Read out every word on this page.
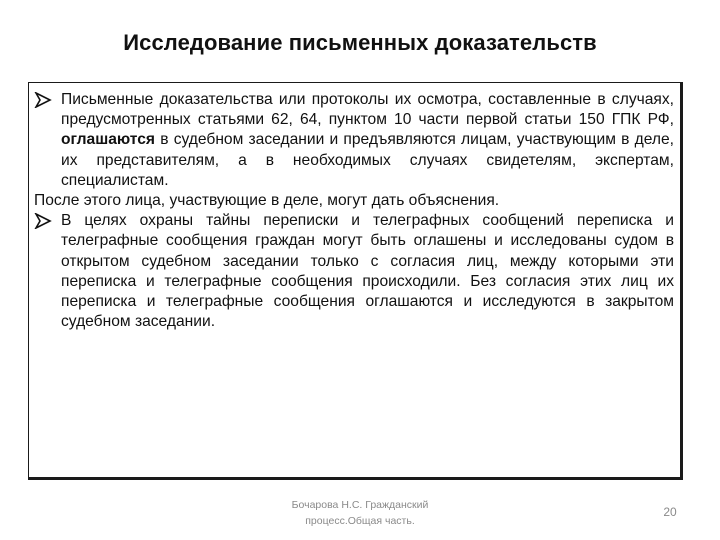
Исследование письменных доказательств

Письменные доказательства или протоколы их осмотра, составленные в случаях, предусмотренных статьями 62, 64, пунктом 10 части первой статьи 150 ГПК РФ, оглашаются в судебном заседании и предъявляются лицам, участвующим в деле, их представителям, а в необходимых случаях свидетелям, экспертам, специалистам.

После этого лица, участвующие в деле, могут дать объяснения.

В целях охраны тайны переписки и телеграфных сообщений переписка и телеграфные сообщения граждан могут быть оглашены и исследованы судом в открытом судебном заседании только с согласия лиц, между которыми эти переписка и телеграфные сообщения происходили. Без согласия этих лиц их переписка и телеграфные сообщения оглашаются и исследуются в закрытом судебном заседании.

Бочарова Н.С. Гражданский
процесс.Общая часть.
20
